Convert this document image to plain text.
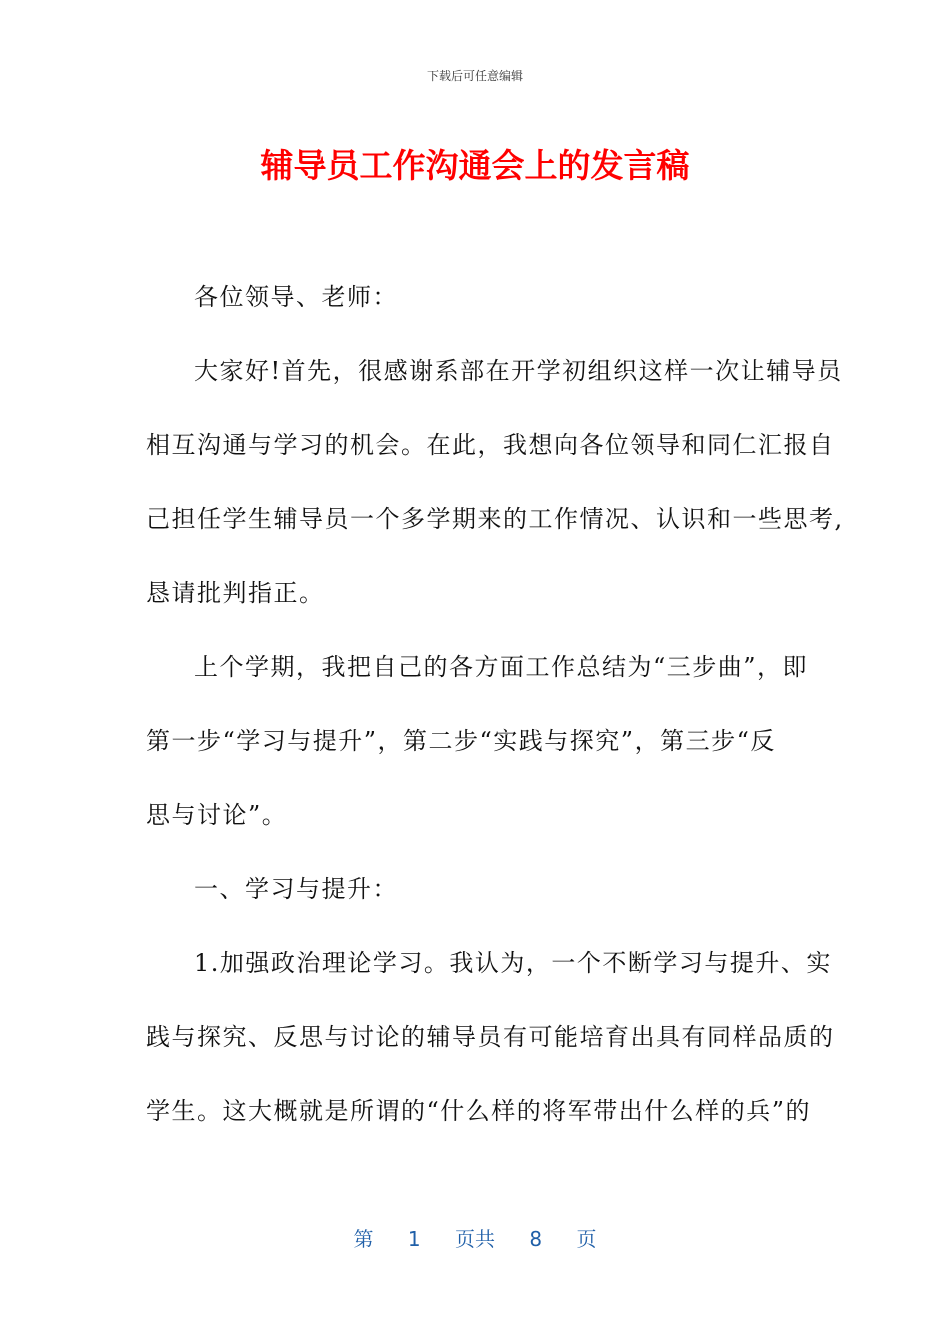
下载后可任意编辑
辅导员工作沟通会上的发言稿
各位领导、老师：
大家好!首先，很感谢系部在开学初组织这样一次让辅导员
相互沟通与学习的机会。在此，我想向各位领导和同仁汇报自
己担任学生辅导员一个多学期来的工作情况、认识和一些思考,
恳请批判指正。
上个学期，我把自己的各方面工作总结为“三步曲”，即
第一步“学习与提升”，第二步“实践与探究”，第三步“反
思与讨论”。
一、学习与提升：
1.加强政治理论学习。我认为，一个不断学习与提升、实
践与探究、反思与讨论的辅导员有可能培育出具有同样品质的
学生。这大概就是所谓的“什么样的将军带出什么样的兵”的
第 1 页共 8 页
